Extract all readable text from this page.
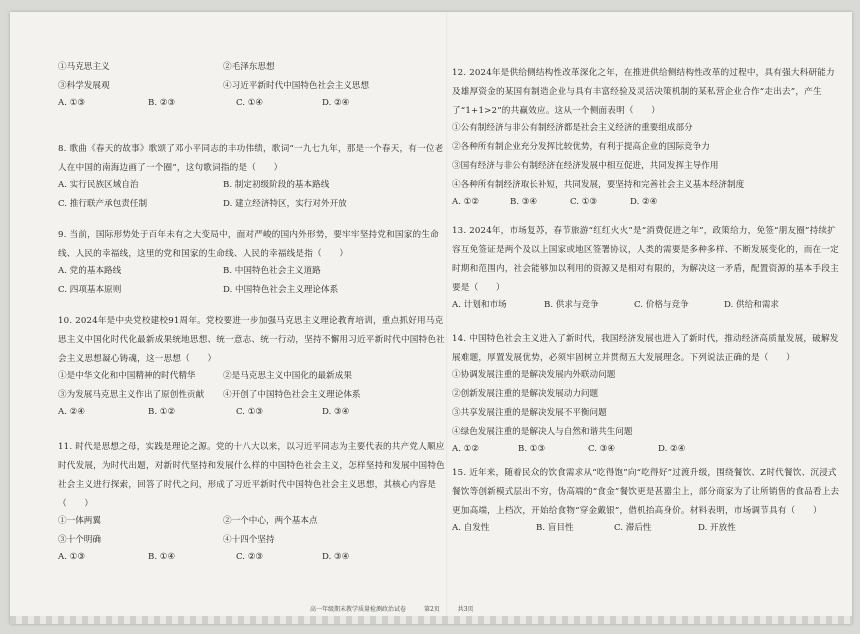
①马克思主义	②毛泽东思想
③科学发展观	④习近平新时代中国特色社会主义思想
A. ①③	B. ②③	C. ①④	D. ②④

8. 歌曲《春天的故事》歌颂了邓小平同志的丰功伟绩，歌词“一九七九年，那是一个春天，有一位老人在中国的南海边画了一个圈”，这句歌词指的是（　　）

A. 实行民族区域自治	B. 制定初级阶段的基本路线
C. 推行联产承包责任制	D. 建立经济特区，实行对外开放

9. 当前，国际形势处于百年未有之大变局中，面对严峻的国内外形势，要牢牢坚持党和国家的生命线、人民的幸福线，这里的党和国家的生命线、人民的幸福线是指（　　）

A. 党的基本路线	B. 中国特色社会主义道路
C. 四项基本原则	D. 中国特色社会主义理论体系

10. 2024年是中央党校建校91周年。党校要进一步加强马克思主义理论教育培训，重点抓好用马克思主义中国化时代化最新成果统地思想、统一意志、统一行动，坚持不懈用习近平新时代中国特色社会主义思想凝心铸魂，这一思想（　　）

①是中华文化和中国精神的时代精华	②是马克思主义中国化的最新成果
③为发展马克思主义作出了原创性贡献 ④开创了中国特色社会主义理论体系
A. ②④	B. ①②	C. ①③	D. ③④

11. 时代是思想之母，实践是理论之源。党的十八大以来，以习近平同志为主要代表的共产党人顺应时代发展，为时代出题，对新时代坚持和发展什么样的中国特色社会主义，怎样坚持和发展中国特色社会主义进行探索，回答了时代之问，形成了习近平新时代中国特色社会主义思想，其核心内容是（　　）

①一体两翼	②一个中心，两个基本点
③十个明确	④十四个坚持
A. ①③	B. ①④	C. ②③	D. ③④

12. 2024年是供给侧结构性改革深化之年，在推进供给侧结构性改革的过程中，具有强大科研能力及雄厚资金的某国有制造企业与具有丰富经验及灵活决策机制的某私营企业合作“走出去”，产生了“1+1>2”的共赢效应。这从一个侧面表明（　　）

①公有制经济与非公有制经济都是社会主义经济的重要组成部分
②各种所有制企业充分发挥比较优势，有利于提高企业的国际竞争力
③国有经济与非公有制经济在经济发展中相互促进，共同发挥主导作用
④各种所有制经济取长补短，共同发展，要坚持和完善社会主义基本经济制度
A. ①②	B. ③④	C. ①③	D. ②④

13. 2024年，市场复苏，春节旅游“红红火火”是“消费促进之年”，政策给力，免签“朋友圈”持续扩容互免签证是两个及以上国家或地区签署协议，人类的需要是多种多样、不断发展变化的，而在一定时期和范围内，社会能够加以利用的资源又是相对有限的，为解决这一矛盾，配置资源的基本手段主要是（　　）

A. 计划和市场	B. 供求与竞争	C. 价格与竞争	D. 供给和需求

14. 中国特色社会主义进入了新时代，我国经济发展也进入了新时代，推动经济高质量发展，破解发展难题，厚置发展优势，必须牢固树立并贯彻五大发展理念。下列说法正确的是（　　）

①协调发展注重的是解决发展内外联动问题
②创新发展注重的是解决发展动力问题
③共享发展注重的是解决发展不平衡问题
④绿色发展注重的是解决人与自然和谐共生问题
A. ①②	B. ①③	C. ③④	D. ②④

15. 近年来，随着民众的饮食需求从“吃得饱”向“吃得好”过渡升级，围绕餐饮、Z时代餐饮、沉浸式餐饮等创新模式层出不穷，伪高端的“食金”餐饮更是甚嚣尘上，部分商家为了让所销售的食品看上去更加高端，上档次，开始给食物“穿金戴银”，借机抬高身价。材料表明，市场调节具有（　　）

A. 自发性	B. 盲目性	C. 滞后性	D. 开放性
高一年级期末教学质量检测政治试卷	第2页	共3页
